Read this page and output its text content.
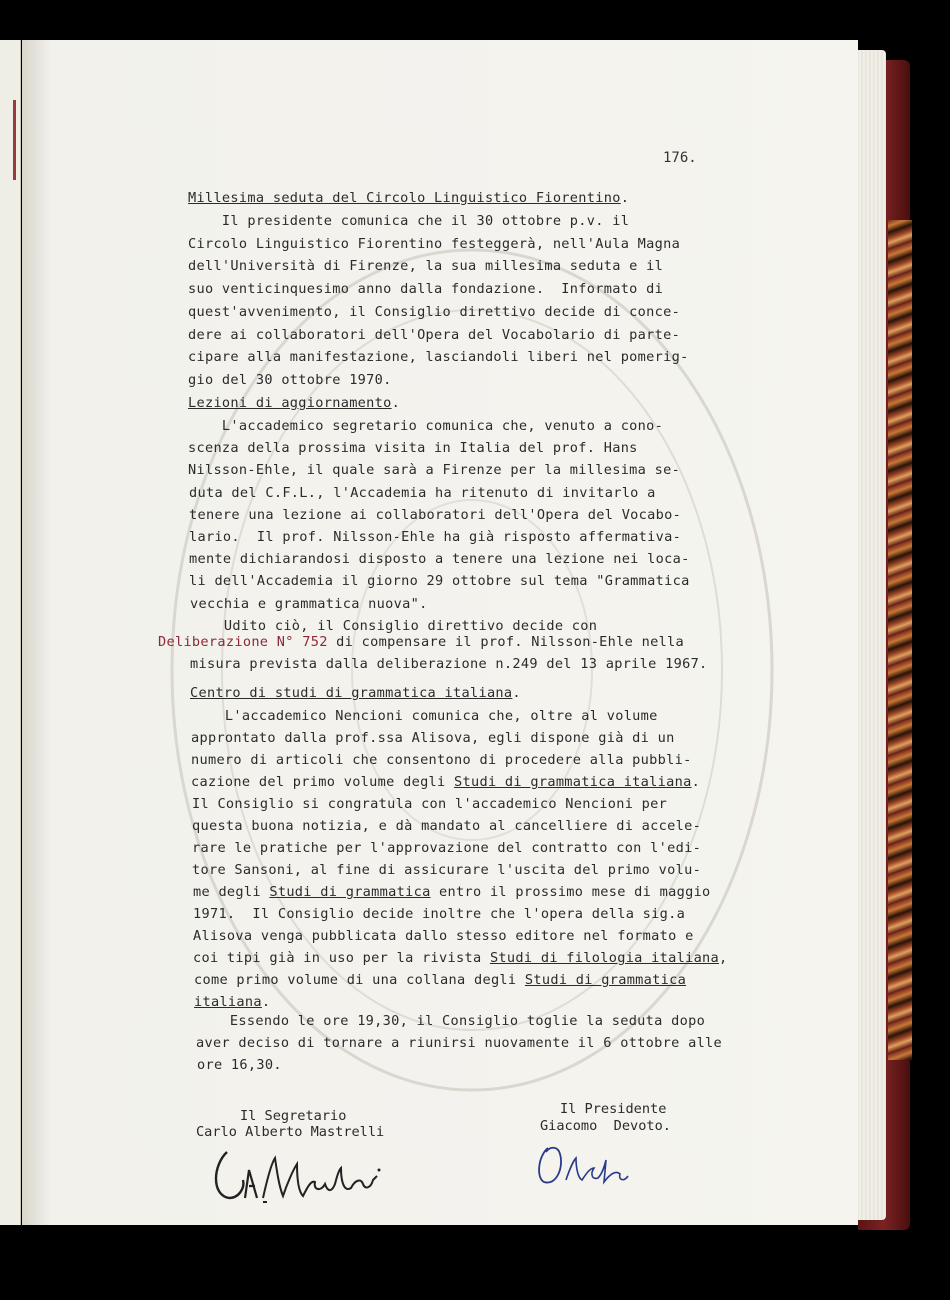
176.
Millesima seduta del Circolo Linguistico Fiorentino.
Il presidente comunica che il 30 ottobre p.v. il
Circolo Linguistico Fiorentino festeggerà, nell'Aula Magna
dell'Università di Firenze, la sua millesima seduta e il
suo venticinquesimo anno dalla fondazione.  Informato di
quest'avvenimento, il Consiglio direttivo decide di conce-
dere ai collaboratori dell'Opera del Vocabolario di parte-
cipare alla manifestazione, lasciandoli liberi nel pomerig-
gio del 30 ottobre 1970.
Lezioni di aggiornamento.
L'accademico segretario comunica che, venuto a cono-
scenza della prossima visita in Italia del prof. Hans
Nilsson-Ehle, il quale sarà a Firenze per la millesima se-
duta del C.F.L., l'Accademia ha ritenuto di invitarlo a
tenere una lezione ai collaboratori dell'Opera del Vocabo-
lario.  Il prof. Nilsson-Ehle ha già risposto affermativa-
mente dichiarandosi disposto a tenere una lezione nei loca-
li dell'Accademia il giorno 29 ottobre sul tema "Grammatica
vecchia e grammatica nuova".
Udito ciò, il Consiglio direttivo decide con
Deliberazione N° 752 di compensare il prof. Nilsson-Ehle nella
misura prevista dalla deliberazione n.249 del 13 aprile 1967.
Centro di studi di grammatica italiana.
L'accademico Nencioni comunica che, oltre al volume
approntato dalla prof.ssa Alisova, egli dispone già di un
numero di articoli che consentono di procedere alla pubbli-
cazione del primo volume degli Studi di grammatica italiana.
Il Consiglio si congratula con l'accademico Nencioni per
questa buona notizia, e dà mandato al cancelliere di accele-
rare le pratiche per l'approvazione del contratto con l'edi-
tore Sansoni, al fine di assicurare l'uscita del primo volu-
me degli Studi di grammatica entro il prossimo mese di maggio
1971.  Il Consiglio decide inoltre che l'opera della sig.a
Alisova venga pubblicata dallo stesso editore nel formato e
coi tipi già in uso per la rivista Studi di filologia italiana,
come primo volume di una collana degli Studi di grammatica
italiana.
Essendo le ore 19,30, il Consiglio toglie la seduta dopo
aver deciso di tornare a riunirsi nuovamente il 6 ottobre alle
ore 16,30.
Il Segretario
Carlo Alberto Mastrelli
Il Presidente
Giacomo  Devoto.
